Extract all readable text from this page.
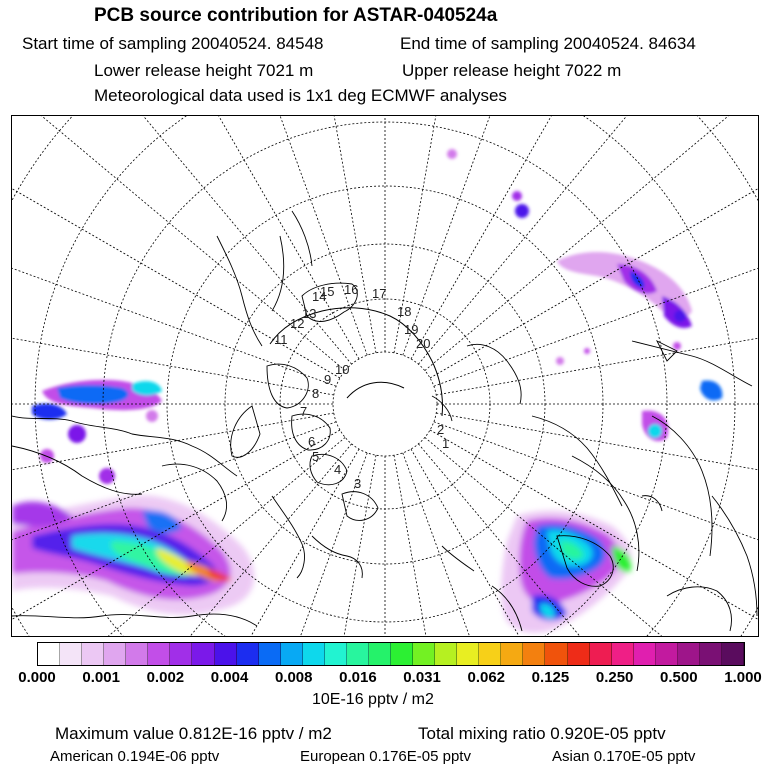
PCB source contribution for ASTAR-040524a
Start time of sampling 20040524. 84548	End time of sampling 20040524. 84634
Lower release height 7021 m	Upper release height 7022 m
Meteorological data used is 1x1 deg ECMWF analyses
1
2
3
4
5
6
7
8
9
10
11
12
13
14
15 16 17
18
19
20
0.000 0.001 0.002 0.004 0.008 0.016 0.031 0.062 0.125 0.250 0.500 1.000
10E-16 pptv / m2
Maximum value 0.812E-16 pptv / m2	Total mixing ratio 0.920E-05 pptv
American 0.194E-06 pptv	European 0.176E-05 pptv	Asian 0.170E-05 pptv
